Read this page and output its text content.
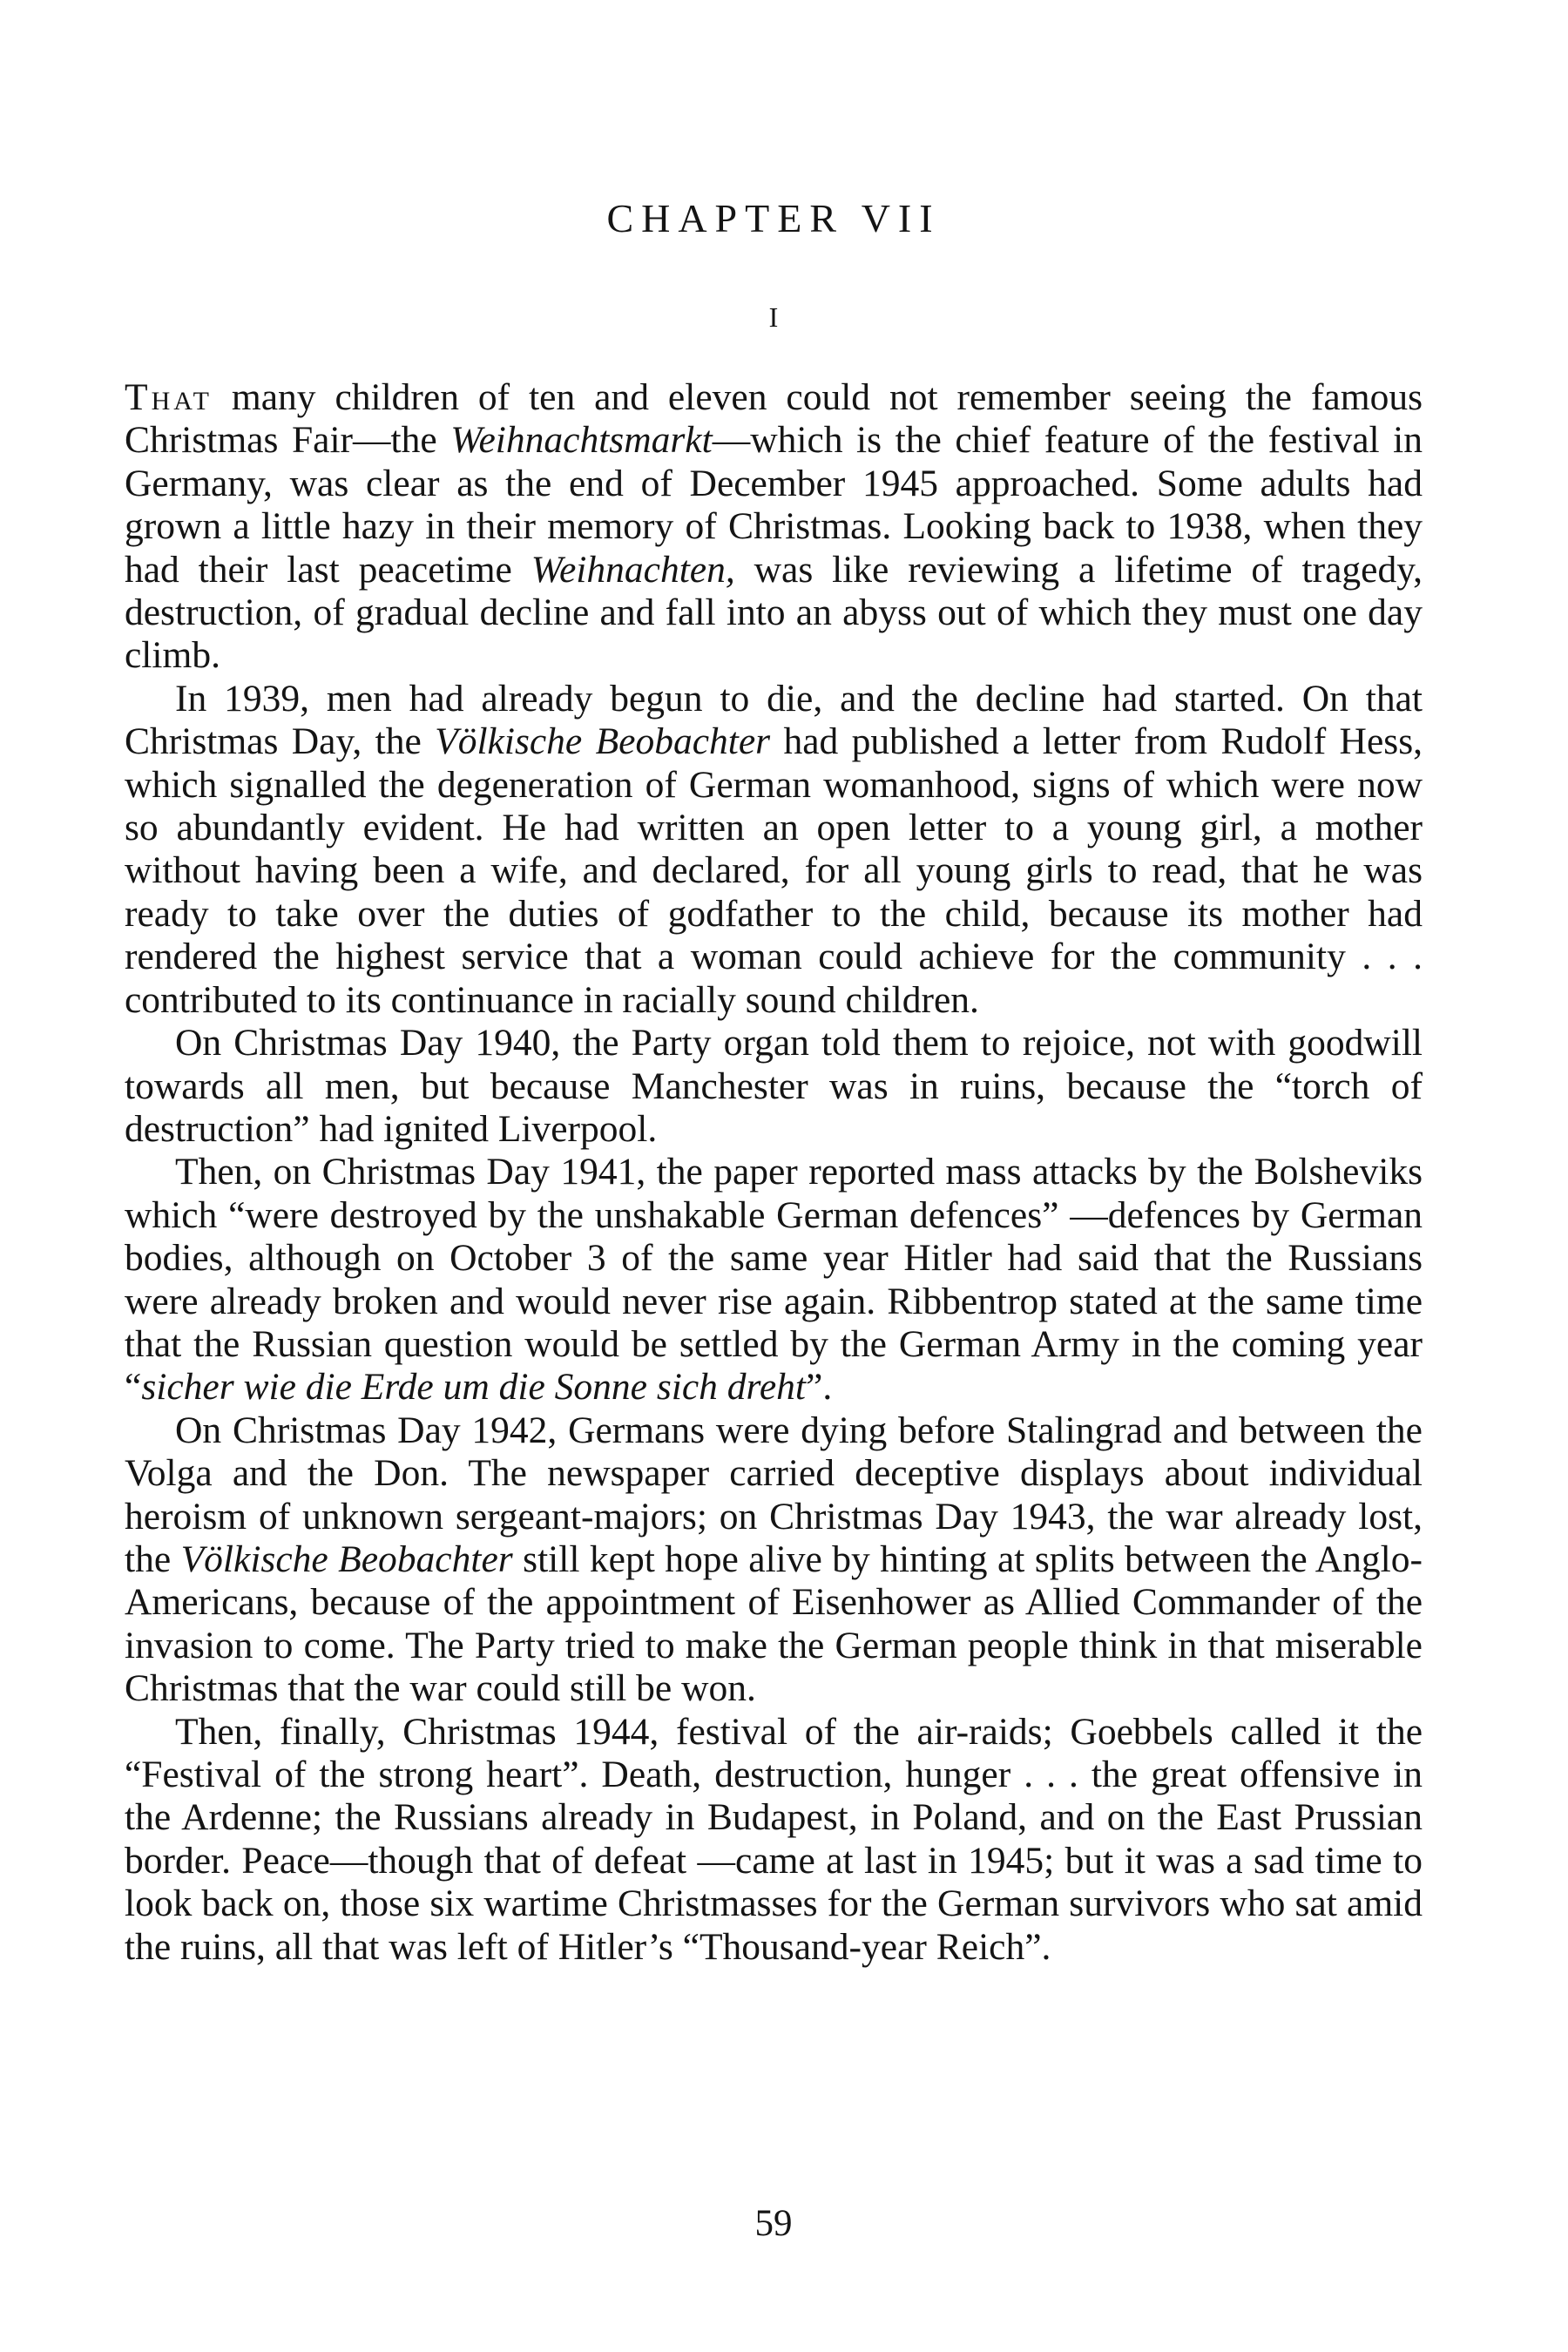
CHAPTER VII
I

That many children of ten and eleven could not remember seeing the famous Christmas Fair—the Weihnachtsmarkt—which is the chief feature of the festival in Germany, was clear as the end of December 1945 approached. Some adults had grown a little hazy in their memory of Christmas. Looking back to 1938, when they had their last peacetime Weihnachten, was like reviewing a lifetime of tragedy, destruction, of gradual decline and fall into an abyss out of which they must one day climb.

In 1939, men had already begun to die, and the decline had started. On that Christmas Day, the Völkische Beobachter had published a letter from Rudolf Hess, which signalled the degeneration of German womanhood, signs of which were now so abundantly evident. He had written an open letter to a young girl, a mother without having been a wife, and declared, for all young girls to read, that he was ready to take over the duties of godfather to the child, because its mother had rendered the highest service that a woman could achieve for the community . . . contributed to its continuance in racially sound children.

On Christmas Day 1940, the Party organ told them to rejoice, not with goodwill towards all men, but because Manchester was in ruins, because the “torch of destruction” had ignited Liverpool.

Then, on Christmas Day 1941, the paper reported mass attacks by the Bolsheviks which “were destroyed by the unshakable German defences” —defences by German bodies, although on October 3 of the same year Hitler had said that the Russians were already broken and would never rise again. Ribbentrop stated at the same time that the Russian question would be settled by the German Army in the coming year “sicher wie die Erde um die Sonne sich dreht”.

On Christmas Day 1942, Germans were dying before Stalingrad and between the Volga and the Don. The newspaper carried deceptive displays about individual heroism of unknown sergeant-majors; on Christmas Day 1943, the war already lost, the Völkische Beobachter still kept hope alive by hinting at splits between the Anglo-Americans, because of the appointment of Eisenhower as Allied Commander of the invasion to come. The Party tried to make the German people think in that miserable Christmas that the war could still be won.

Then, finally, Christmas 1944, festival of the air-raids; Goebbels called it the “Festival of the strong heart”. Death, destruction, hunger . . . the great offensive in the Ardenne; the Russians already in Budapest, in Poland, and on the East Prussian border. Peace—though that of defeat —came at last in 1945; but it was a sad time to look back on, those six wartime Christmasses for the German survivors who sat amid the ruins, all that was left of Hitler’s “Thousand-year Reich”.

59
